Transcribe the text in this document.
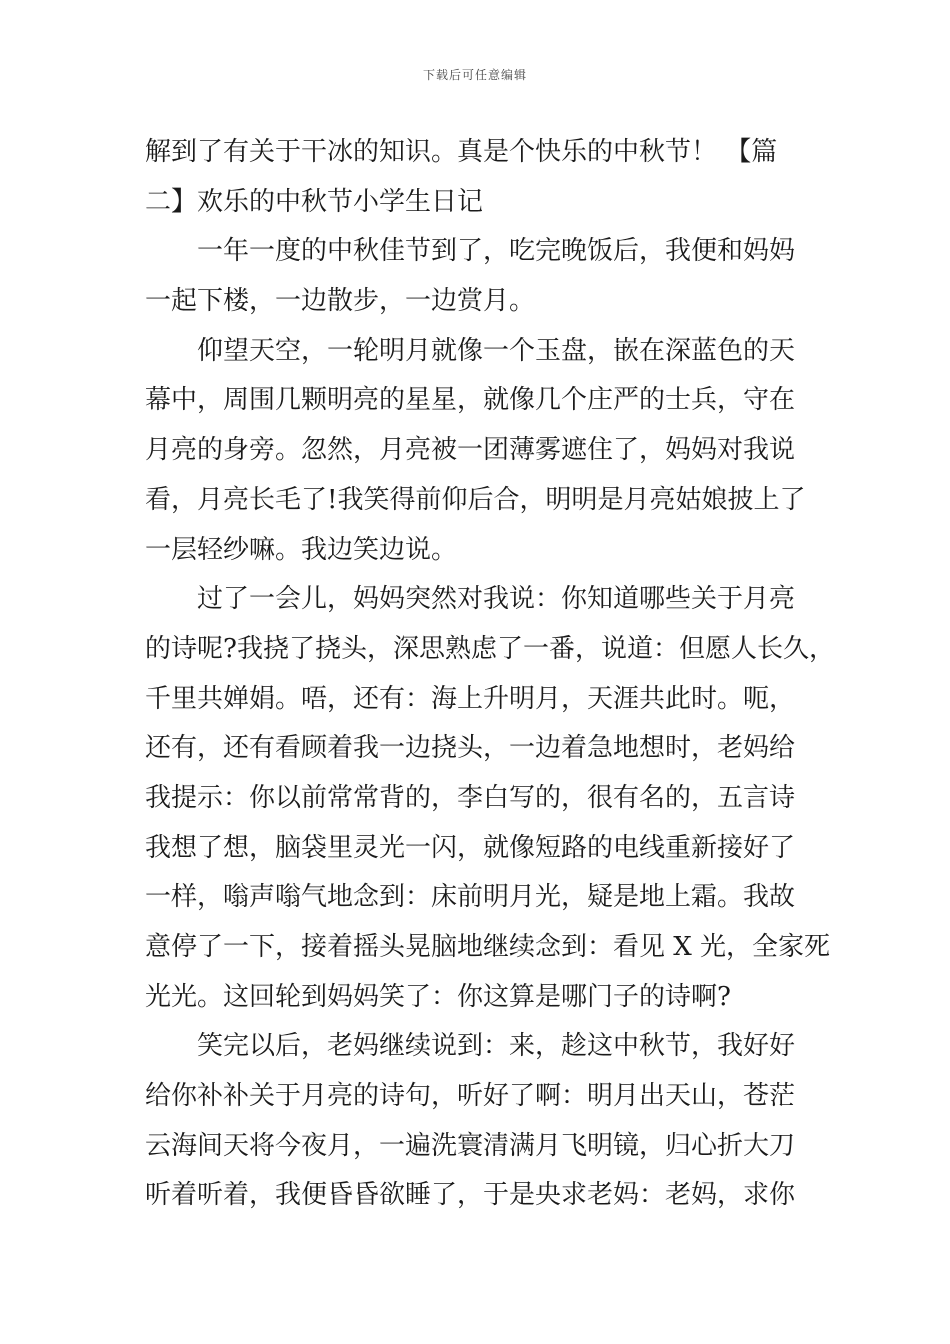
下载后可任意编辑
解到了有关于干冰的知识。真是个快乐的中秋节！ 【篇
二】欢乐的中秋节小学生日记
一年一度的中秋佳节到了，吃完晚饭后，我便和妈妈
一起下楼，一边散步，一边赏月。
仰望天空，一轮明月就像一个玉盘，嵌在深蓝色的天
幕中，周围几颗明亮的星星，就像几个庄严的士兵，守在
月亮的身旁。忽然，月亮被一团薄雾遮住了，妈妈对我说
看，月亮长毛了!我笑得前仰后合，明明是月亮姑娘披上了
一层轻纱嘛。我边笑边说。
过了一会儿，妈妈突然对我说：你知道哪些关于月亮
的诗呢?我挠了挠头，深思熟虑了一番，说道：但愿人长久，
千里共婵娟。唔，还有：海上升明月，天涯共此时。呃，
还有，还有看顾着我一边挠头，一边着急地想时，老妈给
我提示：你以前常常背的，李白写的，很有名的，五言诗
我想了想，脑袋里灵光一闪，就像短路的电线重新接好了
一样，嗡声嗡气地念到：床前明月光，疑是地上霜。我故
意停了一下，接着摇头晃脑地继续念到：看见 X 光，全家死
光光。这回轮到妈妈笑了：你这算是哪门子的诗啊?
笑完以后，老妈继续说到：来，趁这中秋节，我好好
给你补补关于月亮的诗句，听好了啊：明月出天山，苍茫
云海间天将今夜月，一遍洗寰清满月飞明镜，归心折大刀
听着听着，我便昏昏欲睡了，于是央求老妈：老妈，求你
